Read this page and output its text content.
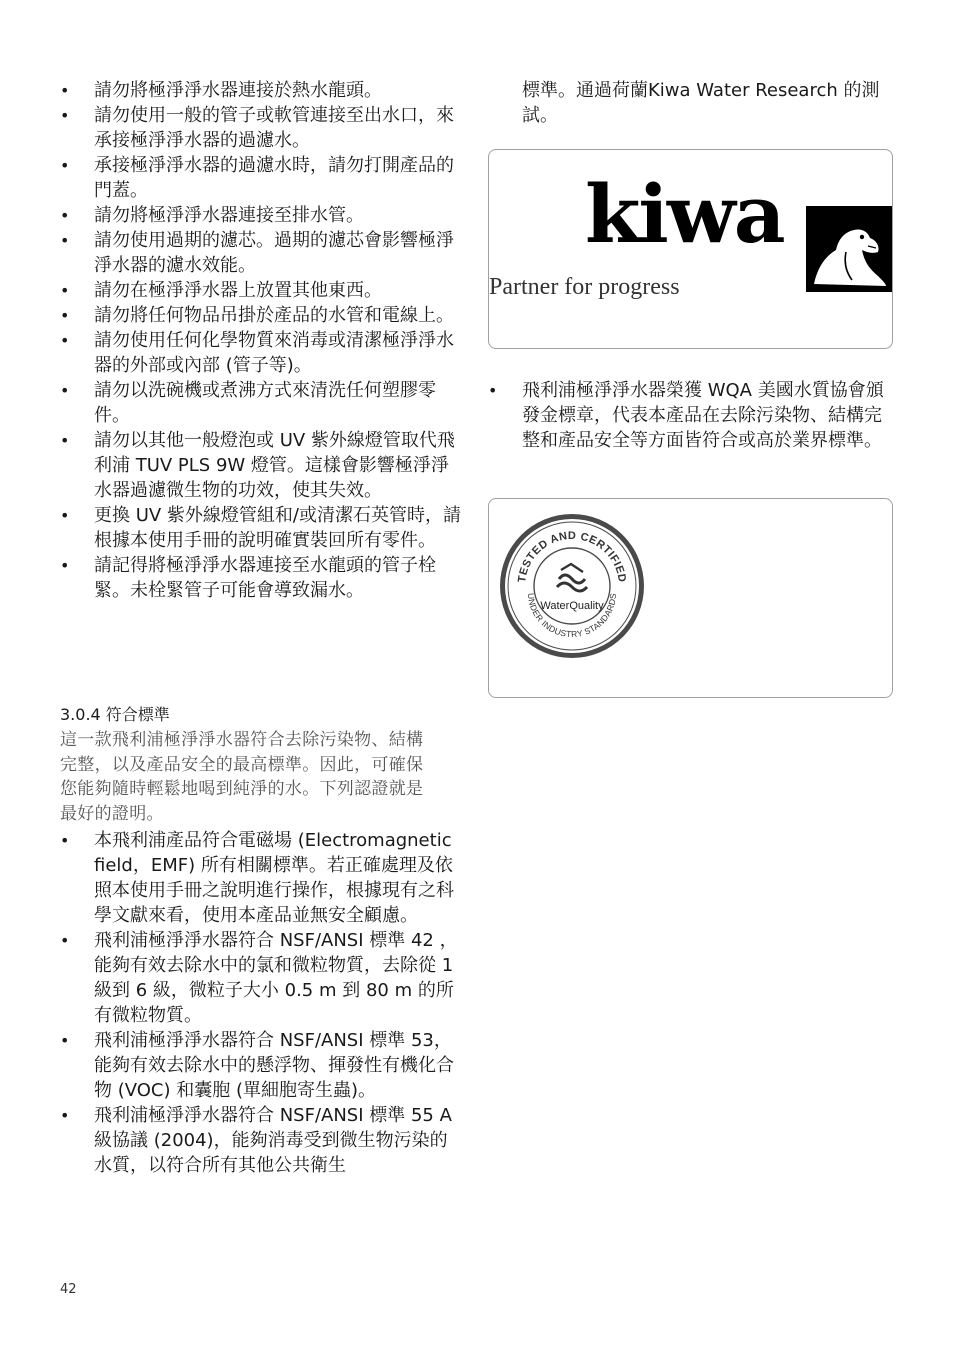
• 請勿將極淨淨水器連接於熱水龍頭。
• 請勿使用一般的管子或軟管連接至出水口，來承接極淨淨水器的過濾水。
• 承接極淨淨水器的過濾水時，請勿打開產品的門蓋。
• 請勿將極淨淨水器連接至排水管。
• 請勿使用過期的濾芯。過期的濾芯會影響極淨淨水器的濾水效能。
• 請勿在極淨淨水器上放置其他東西。
• 請勿將任何物品吊掛於產品的水管和電線上。
• 請勿使用任何化學物質來消毒或清潔極淨淨水器的外部或內部 (管子等)。
• 請勿以洗碗機或煮沸方式來清洗任何塑膠零件。
• 請勿以其他一般燈泡或 UV 紫外線燈管取代飛利浦 TUV PLS 9W 燈管。這樣會影響極淨淨水器過濾微生物的功效，使其失效。
• 更換 UV 紫外線燈管組和/或清潔石英管時，請根據本使用手冊的說明確實裝回所有零件。
• 請記得將極淨淨水器連接至水龍頭的管子栓緊。未栓緊管子可能會導致漏水。
3.0.4 符合標準
這一款飛利浦極淨淨水器符合去除污染物、結構完整，以及產品安全的最高標準。因此，可確保您能夠隨時輕鬆地喝到純淨的水。下列認證就是最好的證明。
• 本飛利浦產品符合電磁場 (Electromagnetic field，EMF) 所有相關標準。若正確處理及依照本使用手冊之說明進行操作，根據現有之科學文獻來看，使用本產品並無安全顧慮。
• 飛利浦極淨淨水器符合 NSF/ANSI 標準 42 ，能夠有效去除水中的氯和微粒物質，去除從 1 級到 6 級，微粒子大小 0.5 m 到 80 m 的所有微粒物質。
• 飛利浦極淨淨水器符合 NSF/ANSI 標準 53，能夠有效去除水中的懸浮物、揮發性有機化合物 (VOC) 和囊胞 (單細胞寄生蟲)。
• 飛利浦極淨淨水器符合 NSF/ANSI 標準 55 A 級協議 (2004)，能夠消毒受到微生物污染的水質，以符合所有其他公共衛生
標準。通過荷蘭Kiwa Water Research 的測試。
kiwa
Partner for progress
• 飛利浦極淨淨水器榮獲 WQA 美國水質協會頒發金標章，代表本產品在去除污染物、結構完整和產品安全等方面皆符合或高於業界標準。
TESTED AND CERTIFIED
UNDER INDUSTRY STANDARDS
WaterQuality
42
